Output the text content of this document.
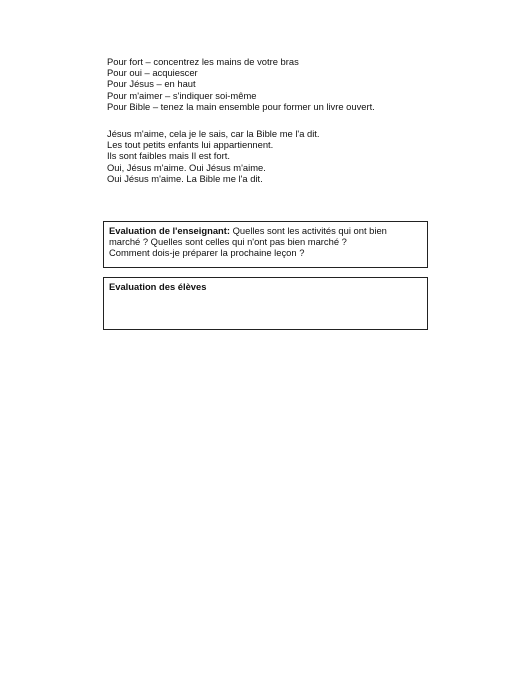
Pour fort – concentrez les mains de votre bras
Pour oui – acquiescer
Pour Jésus – en haut
Pour m'aimer – s'indiquer soi-même
Pour Bible – tenez la main ensemble pour former un livre ouvert.
Jésus m'aime, cela je le sais, car la Bible me l'a dit.
Les tout petits enfants lui appartiennent.
Ils sont faibles mais Il est fort.
Oui, Jésus m'aime. Oui Jésus m'aime.
Oui Jésus m'aime. La Bible me l'a dit.

Evaluation de l'enseignant: Quelles sont les activités qui ont bien

marché ? Quelles sont celles qui n'ont pas bien marché ?
Comment dois-je préparer la prochaine leçon ?
Evaluation des élèves
